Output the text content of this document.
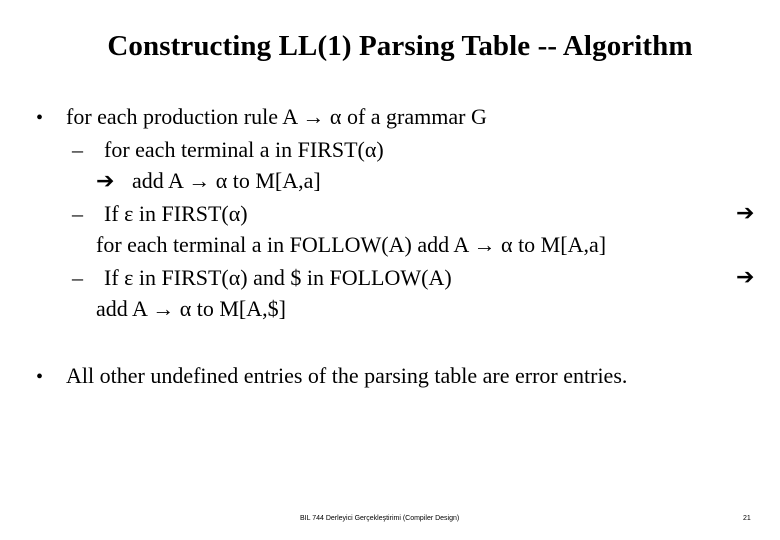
Constructing LL(1) Parsing Table -- Algorithm
• for each production rule A → α of a grammar G
– for each terminal a in FIRST(α)
➔ add A → α to M[A,a]
– If ε in FIRST(α)	➔
for each terminal a in FOLLOW(A) add A → α to M[A,a]
– If ε in FIRST(α) and $ in FOLLOW(A)	➔
add A → α to M[A,$]
• All other undefined entries of the parsing table are error entries.
BIL 744 Derleyici Gerçekleştirimi (Compiler Design)	21
